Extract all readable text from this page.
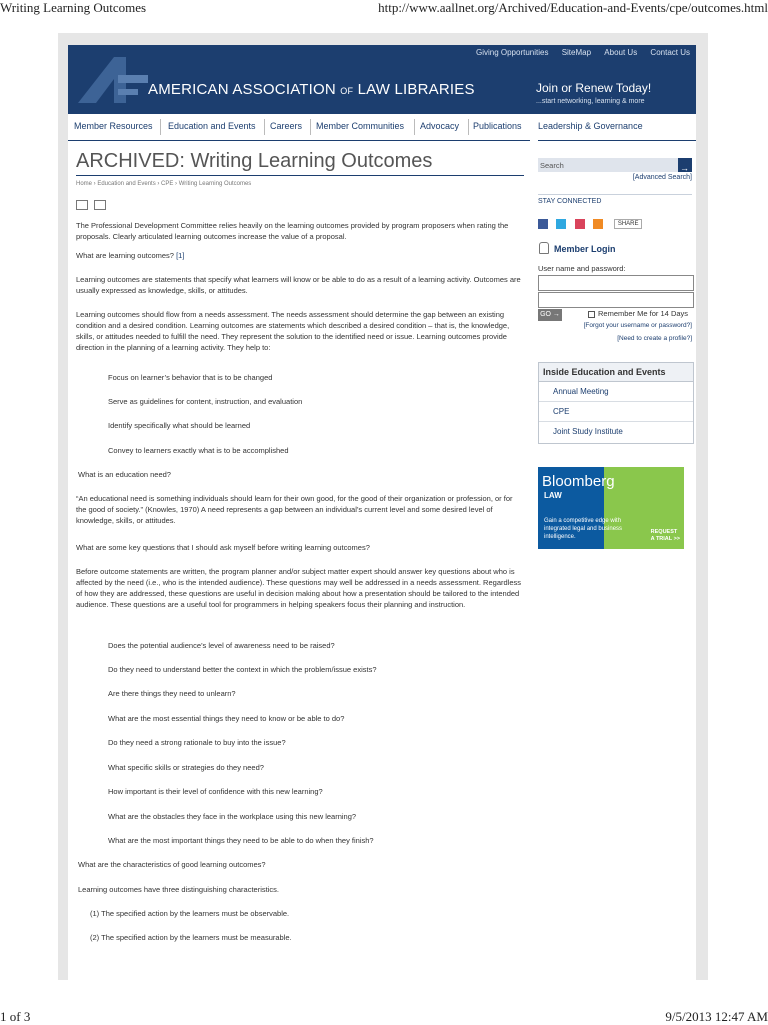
Writing Learning Outcomes	http://www.aallnet.org/Archived/Education-and-Events/cpe/outcomes.html
Giving Opportunities SiteMap About Us Contact Us
AMERICAN ASSOCIATION OF LAW LIBRARIES	Join or Renew Today!
...start networking, learning & more
Member Resources Education and Events Careers Member Communities Advocacy Publications Leadership & Governance
ARCHIVED: Writing Learning Outcomes
Home › Education and Events › CPE › Writing Learning Outcomes
The Professional Development Committee relies heavily on the learning outcomes provided by program proposers when rating the proposals. Clearly articulated learning outcomes increase the value of a proposal.
What are learning outcomes? [1]
Learning outcomes are statements that specify what learners will know or be able to do as a result of a learning activity. Outcomes are usually expressed as knowledge, skills, or attitudes.
Learning outcomes should flow from a needs assessment. The needs assessment should determine the gap between an existing condition and a desired condition. Learning outcomes are statements which described a desired condition – that is, the knowledge, skills, or attitudes needed to fulfill the need. They represent the solution to the identified need or issue. Learning outcomes provide direction in the planning of a learning activity. They help to:
Focus on learner’s behavior that is to be changed
Serve as guidelines for content, instruction, and evaluation
Identify specifically what should be learned
Convey to learners exactly what is to be accomplished
What is an education need?
“An educational need is something individuals should learn for their own good, for the good of their organization or profession, or for the good of society.” (Knowles, 1970) A need represents a gap between an individual’s current level and some desired level of knowledge, skills, or attitudes.
What are some key questions that I should ask myself before writing learning outcomes?
Before outcome statements are written, the program planner and/or subject matter expert should answer key questions about who is affected by the need (i.e., who is the intended audience). These questions may well be addressed in a needs assessment. Regardless of how they are addressed, these questions are useful in decision making about how a presentation should be tailored to the intended audience. These questions are a useful tool for programmers in helping speakers focus their planning and instruction.
Does the potential audience’s level of awareness need to be raised?
Do they need to understand better the context in which the problem/issue exists?
Are there things they need to unlearn?
What are the most essential things they need to know or be able to do?
Do they need a strong rationale to buy into the issue?
What specific skills or strategies do they need?
How important is their level of confidence with this new learning?
What are the obstacles they face in the workplace using this new learning?
What are the most important things they need to be able to do when they finish?
What are the characteristics of good learning outcomes?
Learning outcomes have three distinguishing characteristics.
(1) The specified action by the learners must be observable.
(2) The specified action by the learners must be measurable.
Search	→
[Advanced Search]
STAY CONNECTED
SHARE
Member Login
User name and password:
GO →	Remember Me for 14 Days
[Forgot your username or password?]
[Need to create a profile?]
Inside Education and Events
Annual Meeting
CPE
Joint Study Institute
Bloomberg
LAW
Gain a competitive edge with integrated legal and business intelligence.
REQUEST
A TRIAL >>
1 of 3	9/5/2013 12:47 AM
